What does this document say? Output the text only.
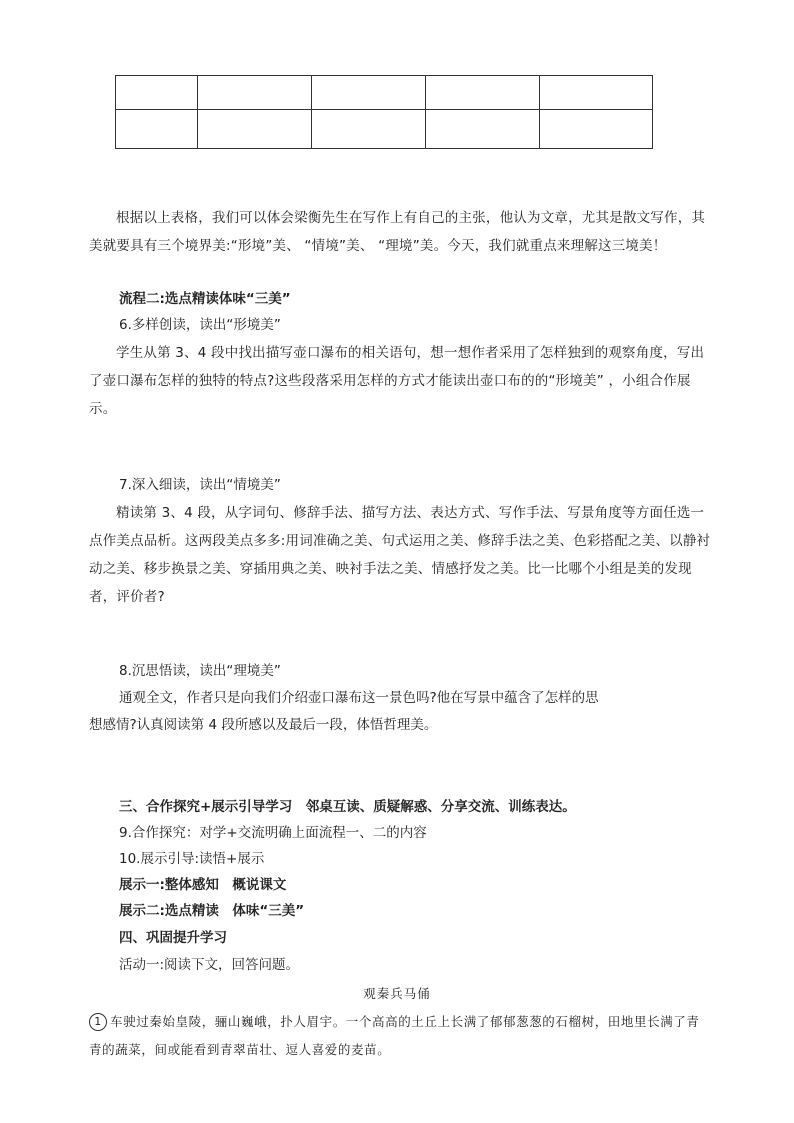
根据以上表格，我们可以体会梁衡先生在写作上有自己的主张，他认为文章，尤其是散文写作，其美就要具有三个境界美:“形境”美、 “情境”美、 “理境”美。今天，我们就重点来理解这三境美！

流程二:选点精读体味“三美”

6.多样创读，读出“形境美”

学生从第 3、4 段中找出描写壶口瀑布的相关语句，想一想作者采用了怎样独到的观察角度，写出了壶口瀑布怎样的独特的特点?这些段落采用怎样的方式才能读出壶口布的的“形境美” ，小组合作展示。

7.深入细读，读出“情境美”

精读第 3、4 段，从字词句、修辞手法、描写方法、表达方式、写作手法、写景角度等方面任选一点作美点品析。这两段美点多多:用词准确之美、句式运用之美、修辞手法之美、色彩搭配之美、以静衬动之美、移步换景之美、穿插用典之美、映衬手法之美、情感抒发之美。比一比哪个小组是美的发现者，评价者?

8.沉思悟读，读出“理境美”

通观全文，作者只是向我们介绍壶口瀑布这一景色吗?他在写景中蕴含了怎样的思

想感情?认真阅读第 4 段所感以及最后一段，体悟哲理美。

三、合作探究+展示引导学习　邻桌互读、质疑解惑、分享交流、训练表达。

9.合作探究：对学+交流明确上面流程一、二的内容

10.展示引导:读悟+展示

展示一:整体感知　概说课文

展示二:选点精读　体味“三美”

四、巩固提升学习

活动一:阅读下文，回答问题。

观秦兵马俑

1 车驶过秦始皇陵，骊山巍峨，扑人眉宇。一个高高的土丘上长满了郁郁葱葱的石榴树，田地里长满了青青的蔬菜，间或能看到青翠苗壮、逗人喜爱的麦苗。
